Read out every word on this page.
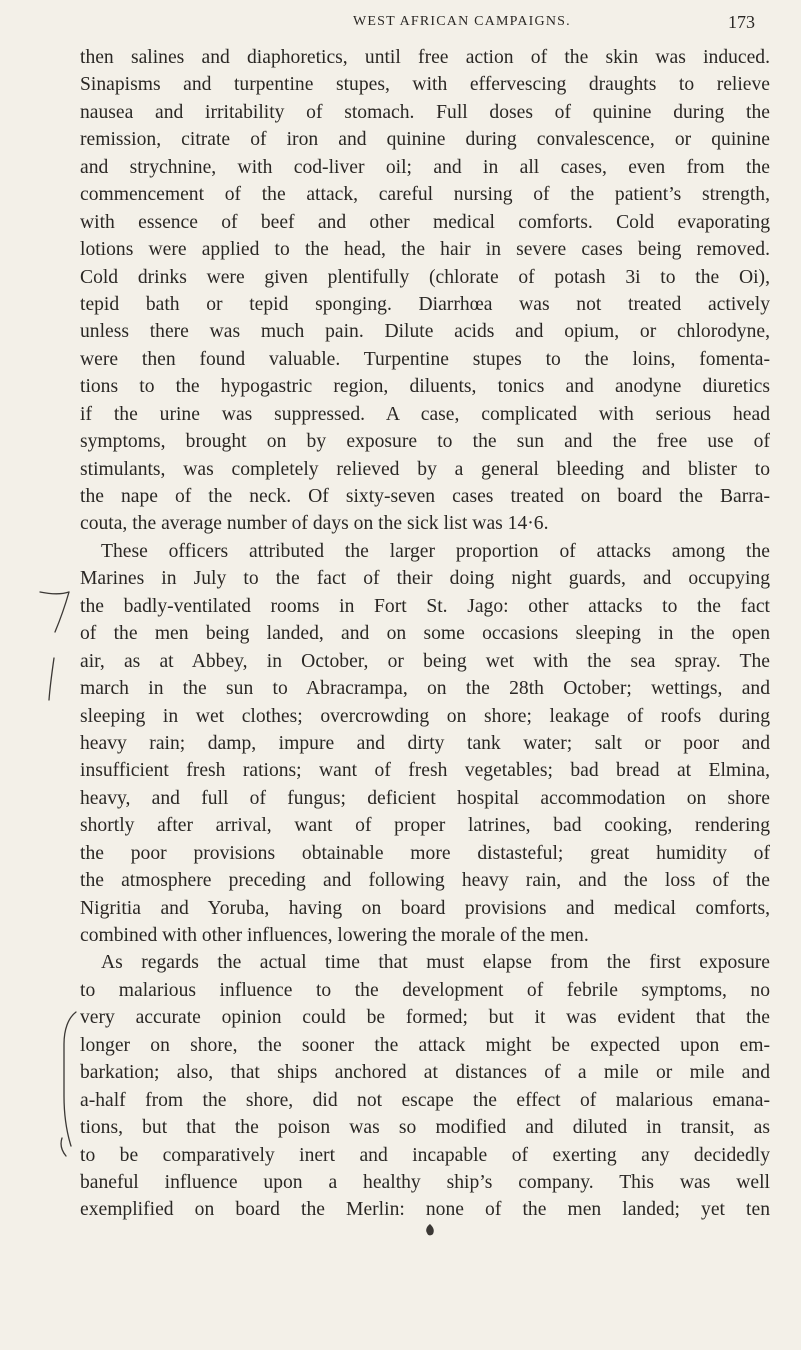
WEST AFRICAN CAMPAIGNS.	173
then salines and diaphoretics, until free action of the skin was induced.
Sinapisms and turpentine stupes, with effervescing draughts to relieve
nausea and irritability of stomach. Full doses of quinine during the
remission, citrate of iron and quinine during convalescence, or quinine
and strychnine, with cod-liver oil; and in all cases, even from the
commencement of the attack, careful nursing of the patient’s strength,
with essence of beef and other medical comforts. Cold evaporating
lotions were applied to the head, the hair in severe cases being removed.
Cold drinks were given plentifully (chlorate of potash 3i to the Oi),
tepid bath or tepid sponging. Diarrhœa was not treated actively
unless there was much pain. Dilute acids and opium, or chlorodyne,
were then found valuable. Turpentine stupes to the loins, fomenta-
tions to the hypogastric region, diluents, tonics and anodyne diuretics
if the urine was suppressed. A case, complicated with serious head
symptoms, brought on by exposure to the sun and the free use of
stimulants, was completely relieved by a general bleeding and blister to
the nape of the neck. Of sixty-seven cases treated on board the Barra-
couta, the average number of days on the sick list was 14·6.
These officers attributed the larger proportion of attacks among the
Marines in July to the fact of their doing night guards, and occupying
the badly-ventilated rooms in Fort St. Jago: other attacks to the fact
of the men being landed, and on some occasions sleeping in the open
air, as at Abbey, in October, or being wet with the sea spray. The
march in the sun to Abracrampa, on the 28th October; wettings, and
sleeping in wet clothes; overcrowding on shore; leakage of roofs during
heavy rain; damp, impure and dirty tank water; salt or poor and
insufficient fresh rations; want of fresh vegetables; bad bread at Elmina,
heavy, and full of fungus; deficient hospital accommodation on shore
shortly after arrival, want of proper latrines, bad cooking, rendering
the poor provisions obtainable more distasteful; great humidity of
the atmosphere preceding and following heavy rain, and the loss of the
Nigritia and Yoruba, having on board provisions and medical comforts,
combined with other influences, lowering the morale of the men.
As regards the actual time that must elapse from the first exposure
to malarious influence to the development of febrile symptoms, no
very accurate opinion could be formed; but it was evident that the
longer on shore, the sooner the attack might be expected upon em-
barkation; also, that ships anchored at distances of a mile or mile and
a-half from the shore, did not escape the effect of malarious emana-
tions, but that the poison was so modified and diluted in transit, as
to be comparatively inert and incapable of exerting any decidedly
baneful influence upon a healthy ship’s company. This was well
exemplified on board the Merlin: none of the men landed; yet ten
